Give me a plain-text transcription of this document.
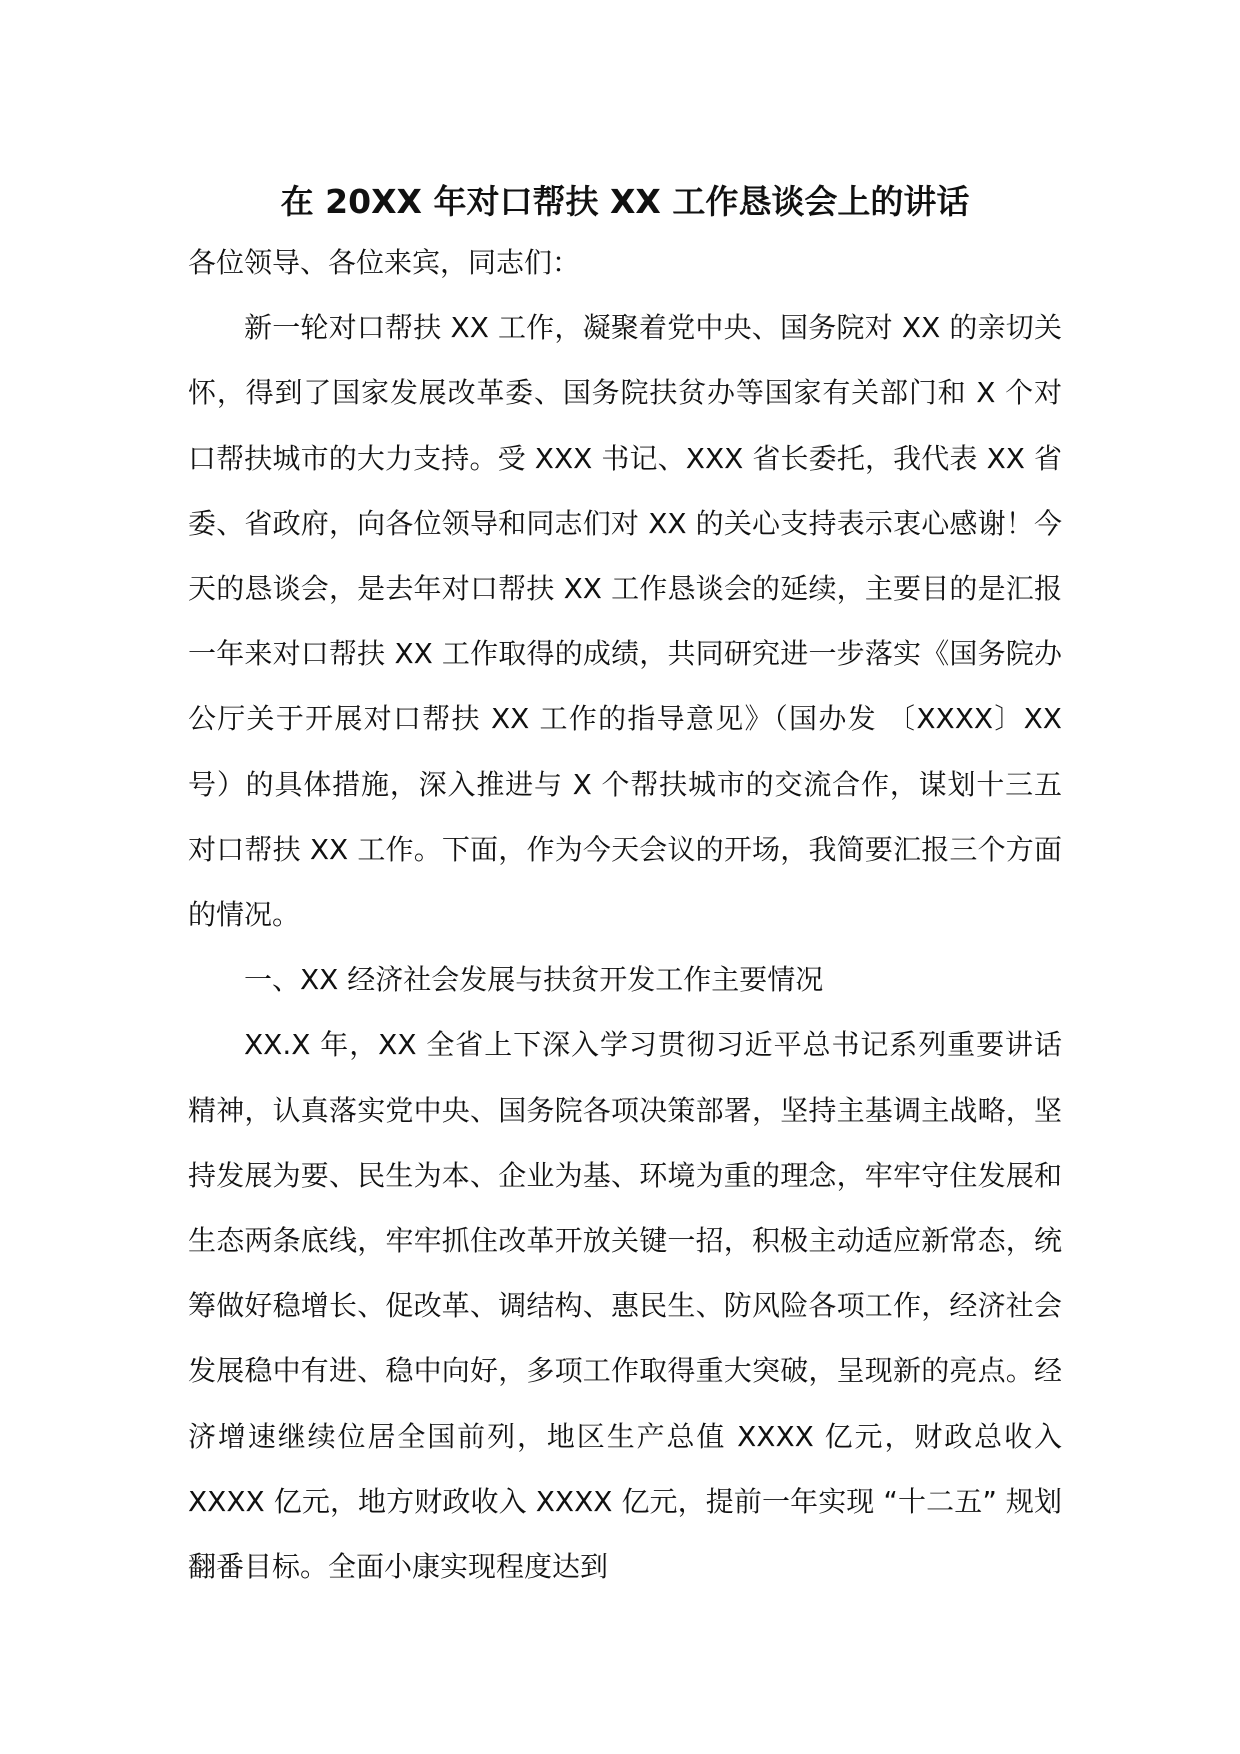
在 20XX 年对口帮扶 XX 工作恳谈会上的讲话

各位领导、各位来宾，同志们：

新一轮对口帮扶 XX 工作，凝聚着党中央、国务院对 XX 的亲切关怀，得到了国家发展改革委、国务院扶贫办等国家有关部门和 X 个对口帮扶城市的大力支持。受 XXX 书记、XXX 省长委托，我代表 XX 省委、省政府，向各位领导和同志们对 XX 的关心支持表示衷心感谢！今天的恳谈会，是去年对口帮扶 XX 工作恳谈会的延续，主要目的是汇报一年来对口帮扶 XX 工作取得的成绩，共同研究进一步落实《国务院办公厅关于开展对口帮扶 XX 工作的指导意见》（国办发 〔XXXX〕XX 号）的具体措施，深入推进与 X 个帮扶城市的交流合作，谋划十三五对口帮扶 XX 工作。下面，作为今天会议的开场，我简要汇报三个方面的情况。

一、XX 经济社会发展与扶贫开发工作主要情况

XX.X 年，XX 全省上下深入学习贯彻习近平总书记系列重要讲话精神，认真落实党中央、国务院各项决策部署，坚持主基调主战略，坚持发展为要、民生为本、企业为基、环境为重的理念，牢牢守住发展和生态两条底线，牢牢抓住改革开放关键一招，积极主动适应新常态，统筹做好稳增长、促改革、调结构、惠民生、防风险各项工作，经济社会发展稳中有进、稳中向好，多项工作取得重大突破，呈现新的亮点。经济增速继续位居全国前列，地区生产总值 XXXX 亿元，财政总收入 XXXX 亿元，地方财政收入 XXXX 亿元，提前一年实现 “十二五” 规划翻番目标。全面小康实现程度达到
